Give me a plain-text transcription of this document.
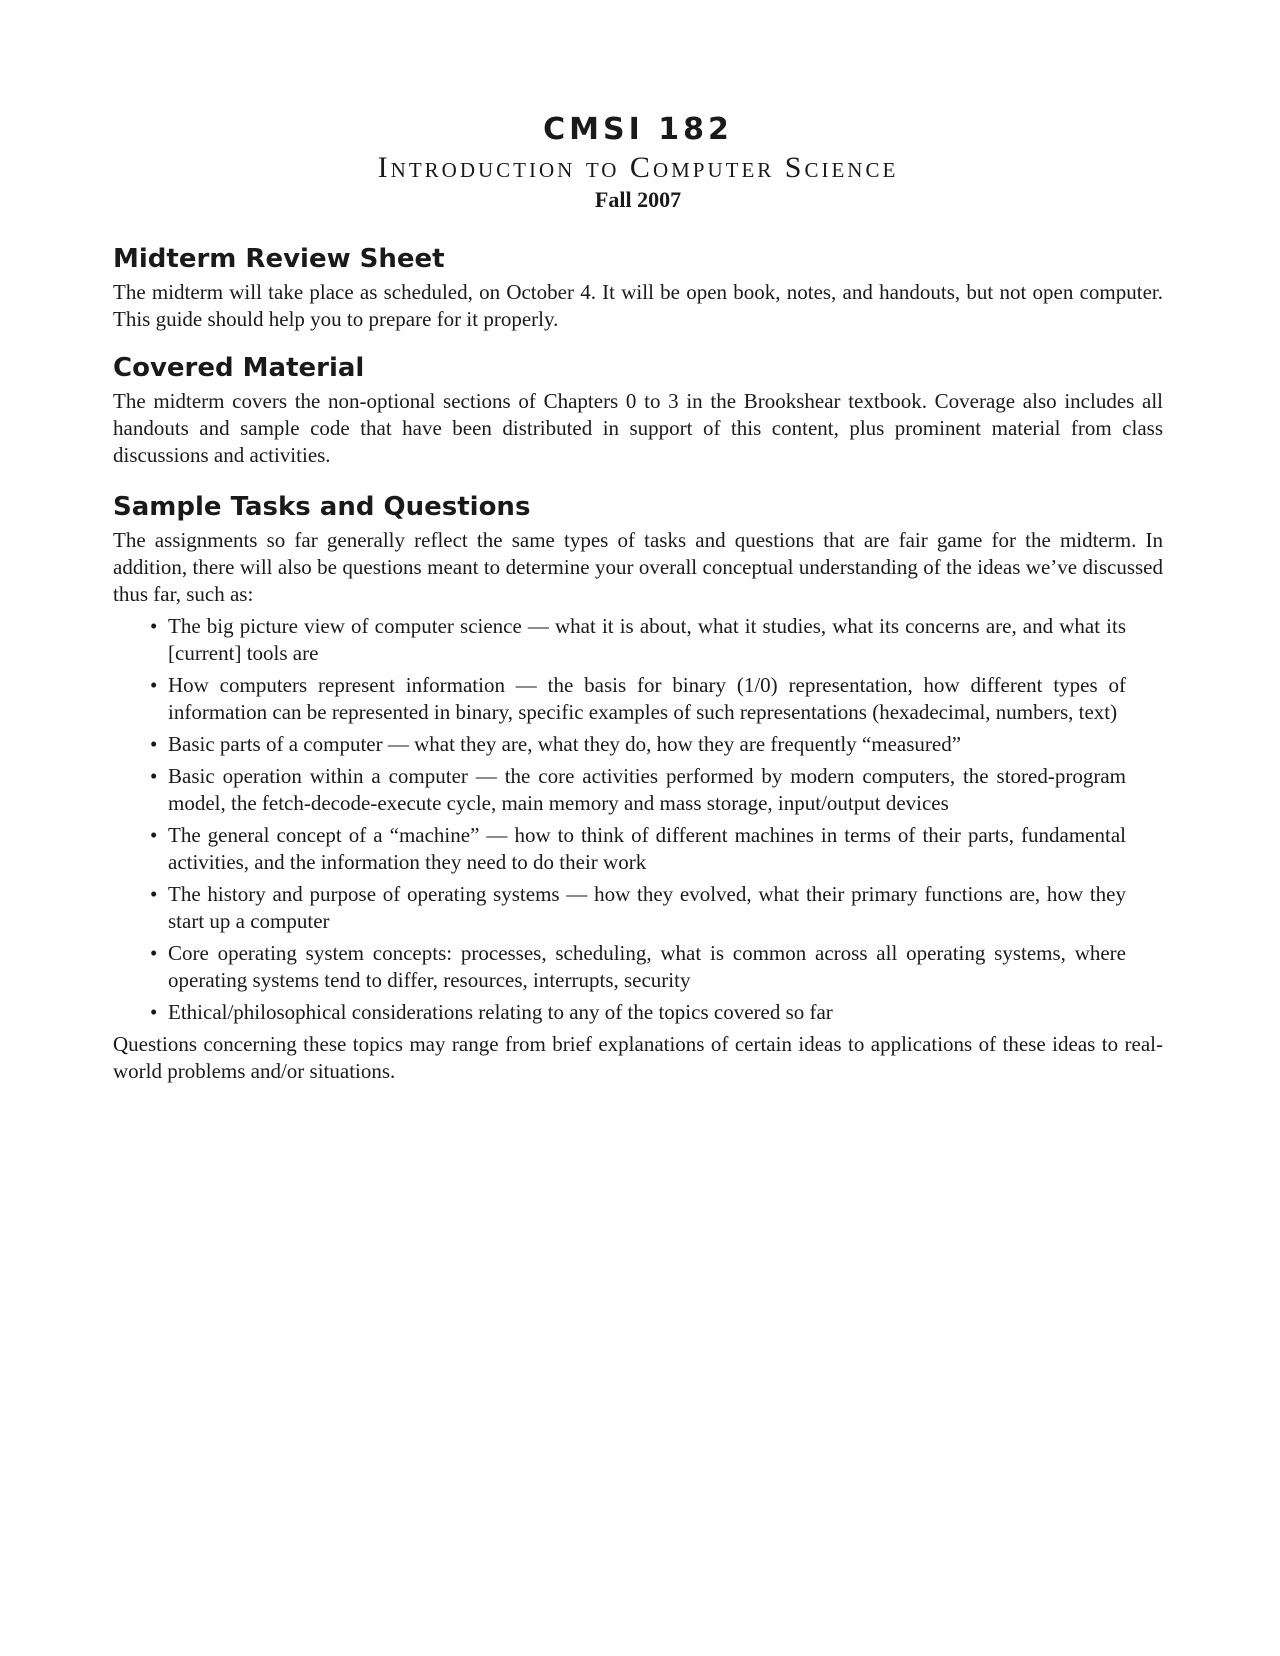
CMSI 182
Introduction to Computer Science
Fall 2007
Midterm Review Sheet

The midterm will take place as scheduled, on October 4. It will be open book, notes, and handouts, but not open computer. This guide should help you to prepare for it properly.

Covered Material

The midterm covers the non-optional sections of Chapters 0 to 3 in the Brookshear textbook. Coverage also includes all handouts and sample code that have been distributed in support of this content, plus prominent material from class discussions and activities.

Sample Tasks and Questions

The assignments so far generally reflect the same types of tasks and questions that are fair game for the midterm. In addition, there will also be questions meant to determine your overall conceptual understanding of the ideas we’ve discussed thus far, such as:

• The big picture view of computer science — what it is about, what it studies, what its concerns are, and what its [current] tools are
• How computers represent information — the basis for binary (1/0) representation, how different types of information can be represented in binary, specific examples of such representations (hexadecimal, numbers, text)
• Basic parts of a computer — what they are, what they do, how they are frequently “measured”
• Basic operation within a computer — the core activities performed by modern computers, the stored-program model, the fetch-decode-execute cycle, main memory and mass storage, input/output devices
• The general concept of a “machine” — how to think of different machines in terms of their parts, fundamental activities, and the information they need to do their work
• The history and purpose of operating systems — how they evolved, what their primary functions are, how they start up a computer
• Core operating system concepts: processes, scheduling, what is common across all operating systems, where operating systems tend to differ, resources, interrupts, security
• Ethical/philosophical considerations relating to any of the topics covered so far

Questions concerning these topics may range from brief explanations of certain ideas to applications of these ideas to real-world problems and/or situations.
